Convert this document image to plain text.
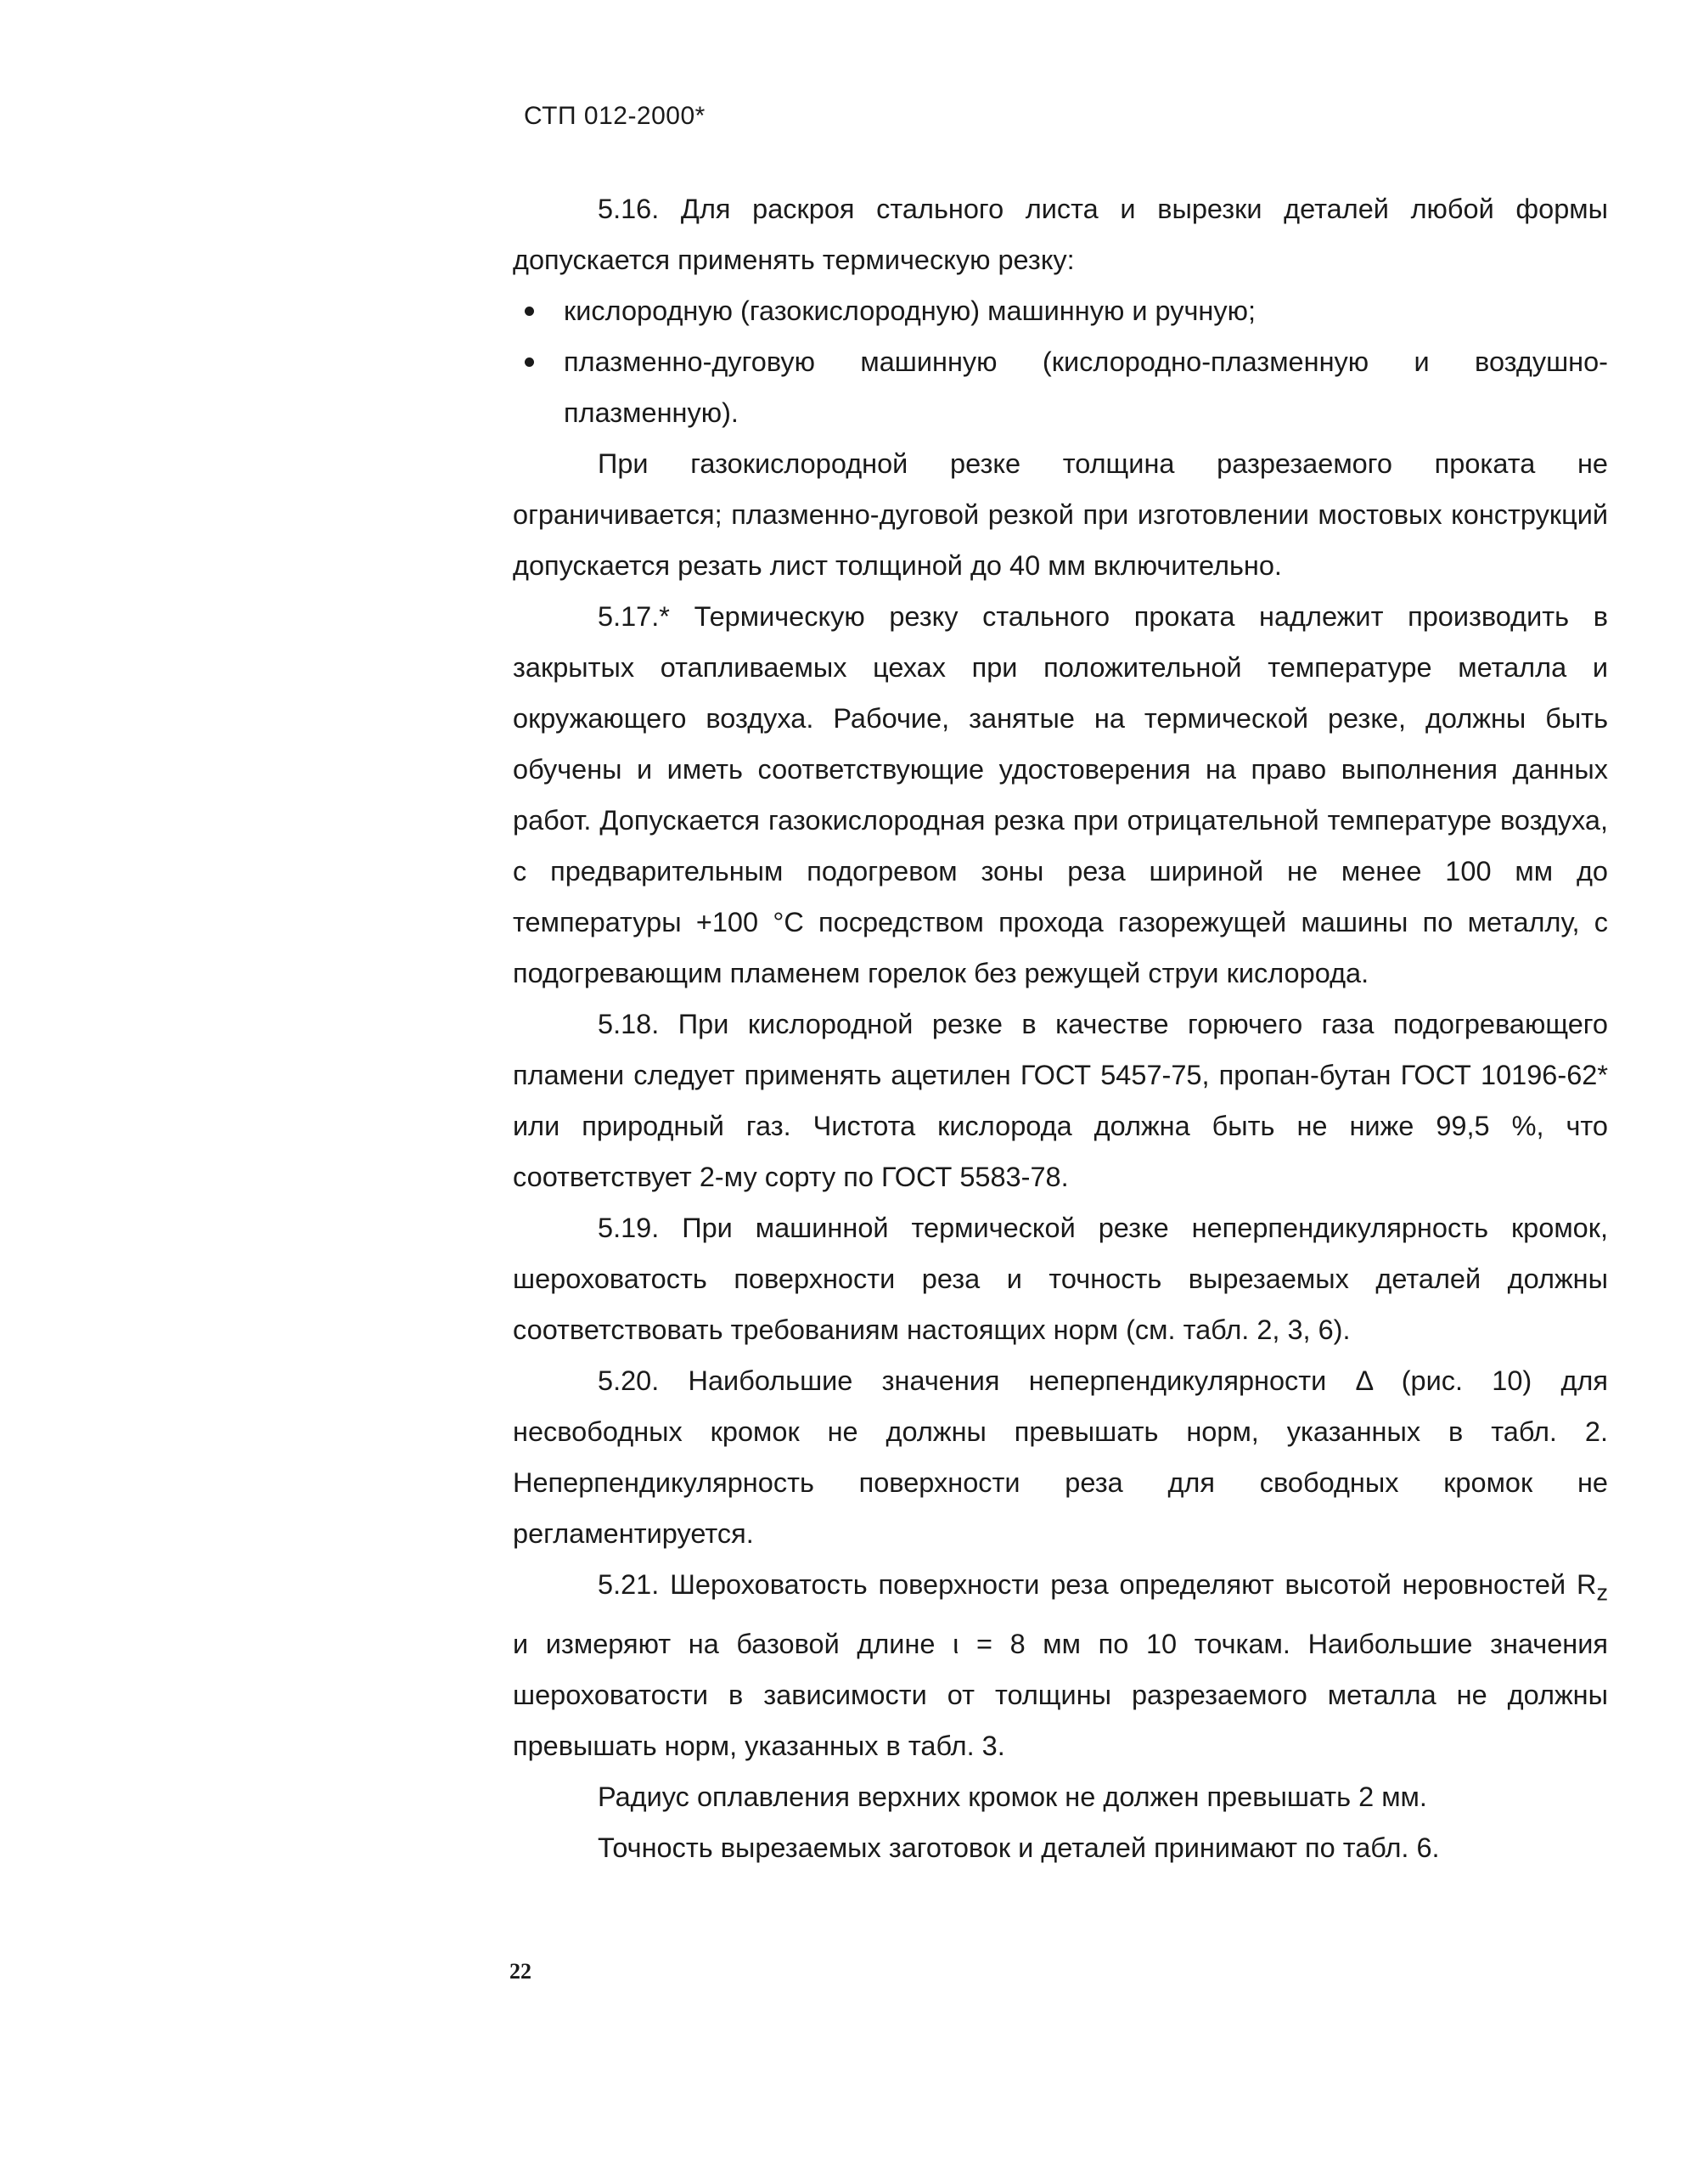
СТП 012-2000*

5.16. Для раскроя стального листа и вырезки деталей любой формы допускается применять термическую резку:

кислородную (газокислородную) машинную и ручную;
плазменно-дуговую машинную (кислородно-плазменную и воздушно-плазменную).

При газокислородной резке толщина разрезаемого проката не ограничивается; плазменно-дуговой резкой при изготовлении мостовых конструкций допускается резать лист толщиной до 40 мм включительно.

5.17.* Термическую резку стального проката надлежит производить в закрытых отапливаемых цехах при положительной температуре металла и окружающего воздуха. Рабочие, занятые на термической резке, должны быть обучены и иметь соответствующие удостоверения на право выполнения данных работ. Допускается газокислородная резка при отрицательной температуре воздуха, с предварительным подогревом зоны реза шириной не менее 100 мм до температуры +100 °С посредством прохода газорежущей машины по металлу, с подогревающим пламенем горелок без режущей струи кислорода.

5.18. При кислородной резке в качестве горючего газа подогревающего пламени следует применять ацетилен ГОСТ 5457-75, пропан-бутан ГОСТ 10196-62* или природный газ. Чистота кислорода должна быть не ниже 99,5 %, что соответствует 2-му сорту по ГОСТ 5583-78.

5.19. При машинной термической резке неперпендикулярность кромок, шероховатость поверхности реза и точность вырезаемых деталей должны соответствовать требованиям настоящих норм (см. табл. 2, 3, 6).

5.20. Наибольшие значения неперпендикулярности Δ (рис. 10) для несвободных кромок не должны превышать норм, указанных в табл. 2. Неперпендикулярность поверхности реза для свободных кромок не регламентируется.

5.21. Шероховатость поверхности реза определяют высотой неровностей $R_z$ и измеряют на базовой длине ι = 8 мм по 10 точкам. Наибольшие значения шероховатости в зависимости от толщины разрезаемого металла не должны превышать норм, указанных в табл. 3.

Радиус оплавления верхних кромок не должен превышать 2 мм.

Точность вырезаемых заготовок и деталей принимают по табл. 6.

22
